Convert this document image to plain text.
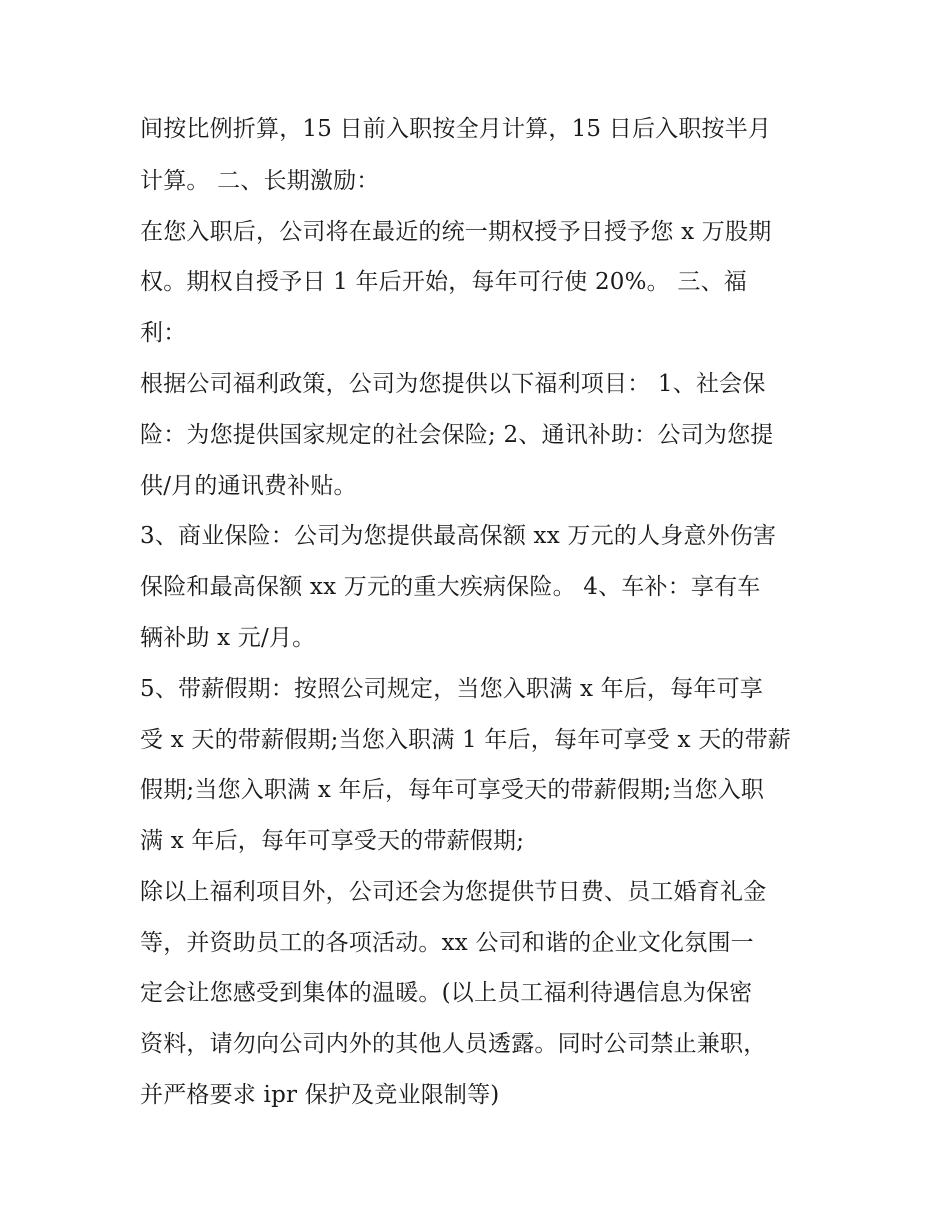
间按比例折算，15 日前入职按全月计算，15 日后入职按半月
计算。 二、长期激励：
在您入职后，公司将在最近的统一期权授予日授予您 x 万股期
权。期权自授予日 1 年后开始，每年可行使 20%。 三、福
利：
根据公司福利政策，公司为您提供以下福利项目： 1、社会保
险：为您提供国家规定的社会保险; 2、通讯补助：公司为您提
供/月的通讯费补贴。
3、商业保险：公司为您提供最高保额 xx 万元的人身意外伤害
保险和最高保额 xx 万元的重大疾病保险。 4、车补：享有车
辆补助 x 元/月。
5、带薪假期：按照公司规定，当您入职满 x 年后，每年可享
受 x 天的带薪假期;当您入职满 1 年后，每年可享受 x 天的带薪
假期;当您入职满 x 年后，每年可享受天的带薪假期;当您入职
满 x 年后，每年可享受天的带薪假期;
除以上福利项目外，公司还会为您提供节日费、员工婚育礼金
等，并资助员工的各项活动。xx 公司和谐的企业文化氛围一
定会让您感受到集体的温暖。(以上员工福利待遇信息为保密
资料，请勿向公司内外的其他人员透露。同时公司禁止兼职，
并严格要求 ipr 保护及竞业限制等)
